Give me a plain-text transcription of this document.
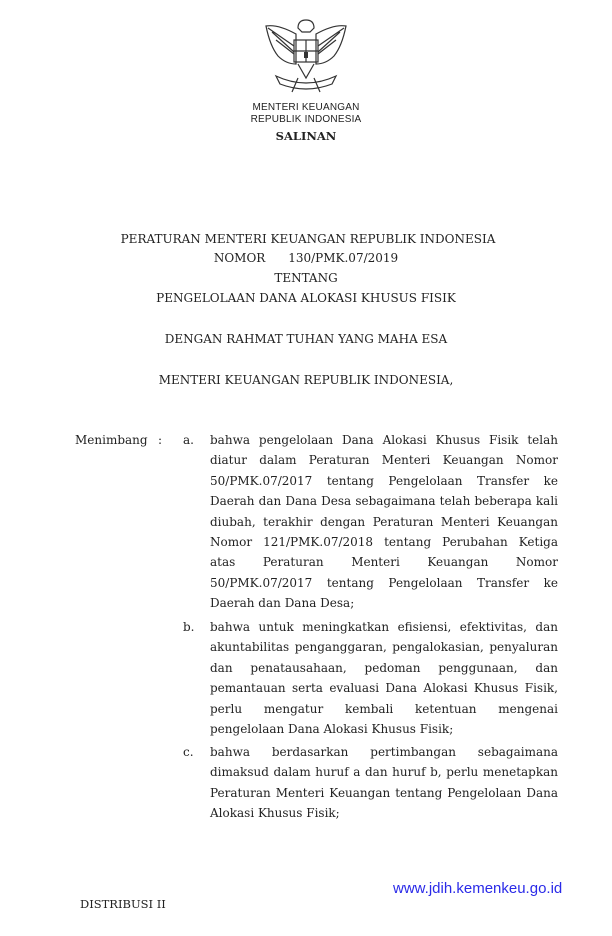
MENTERI KEUANGAN
REPUBLIK INDONESIA
SALINAN
PERATURAN MENTERI KEUANGAN REPUBLIK INDONESIA
NOMOR 130/PMK.07/2019
TENTANG
PENGELOLAAN DANA ALOKASI KHUSUS FISIK
DENGAN RAHMAT TUHAN YANG MAHA ESA
MENTERI KEUANGAN REPUBLIK INDONESIA,
Menimbang : a. bahwa pengelolaan Dana Alokasi Khusus Fisik telah
diatur dalam Peraturan Menteri Keuangan Nomor
50/PMK.07/2017 tentang Pengelolaan Transfer ke
Daerah dan Dana Desa sebagaimana telah beberapa kali
diubah, terakhir dengan Peraturan Menteri Keuangan
Nomor 121/PMK.07/2018 tentang Perubahan Ketiga
atas Peraturan Menteri Keuangan Nomor
50/PMK.07/2017 tentang Pengelolaan Transfer ke
Daerah dan Dana Desa;
b. bahwa untuk meningkatkan efisiensi, efektivitas, dan
akuntabilitas penganggaran, pengalokasian, penyaluran
dan penatausahaan, pedoman penggunaan, dan
pemantauan serta evaluasi Dana Alokasi Khusus Fisik,
perlu mengatur kembali ketentuan mengenai
pengelolaan Dana Alokasi Khusus Fisik;
c. bahwa berdasarkan pertimbangan sebagaimana
dimaksud dalam huruf a dan huruf b, perlu menetapkan
Peraturan Menteri Keuangan tentang Pengelolaan Dana
Alokasi Khusus Fisik;
DISTRIBUSI II
www.jdih.kemenkeu.go.id
